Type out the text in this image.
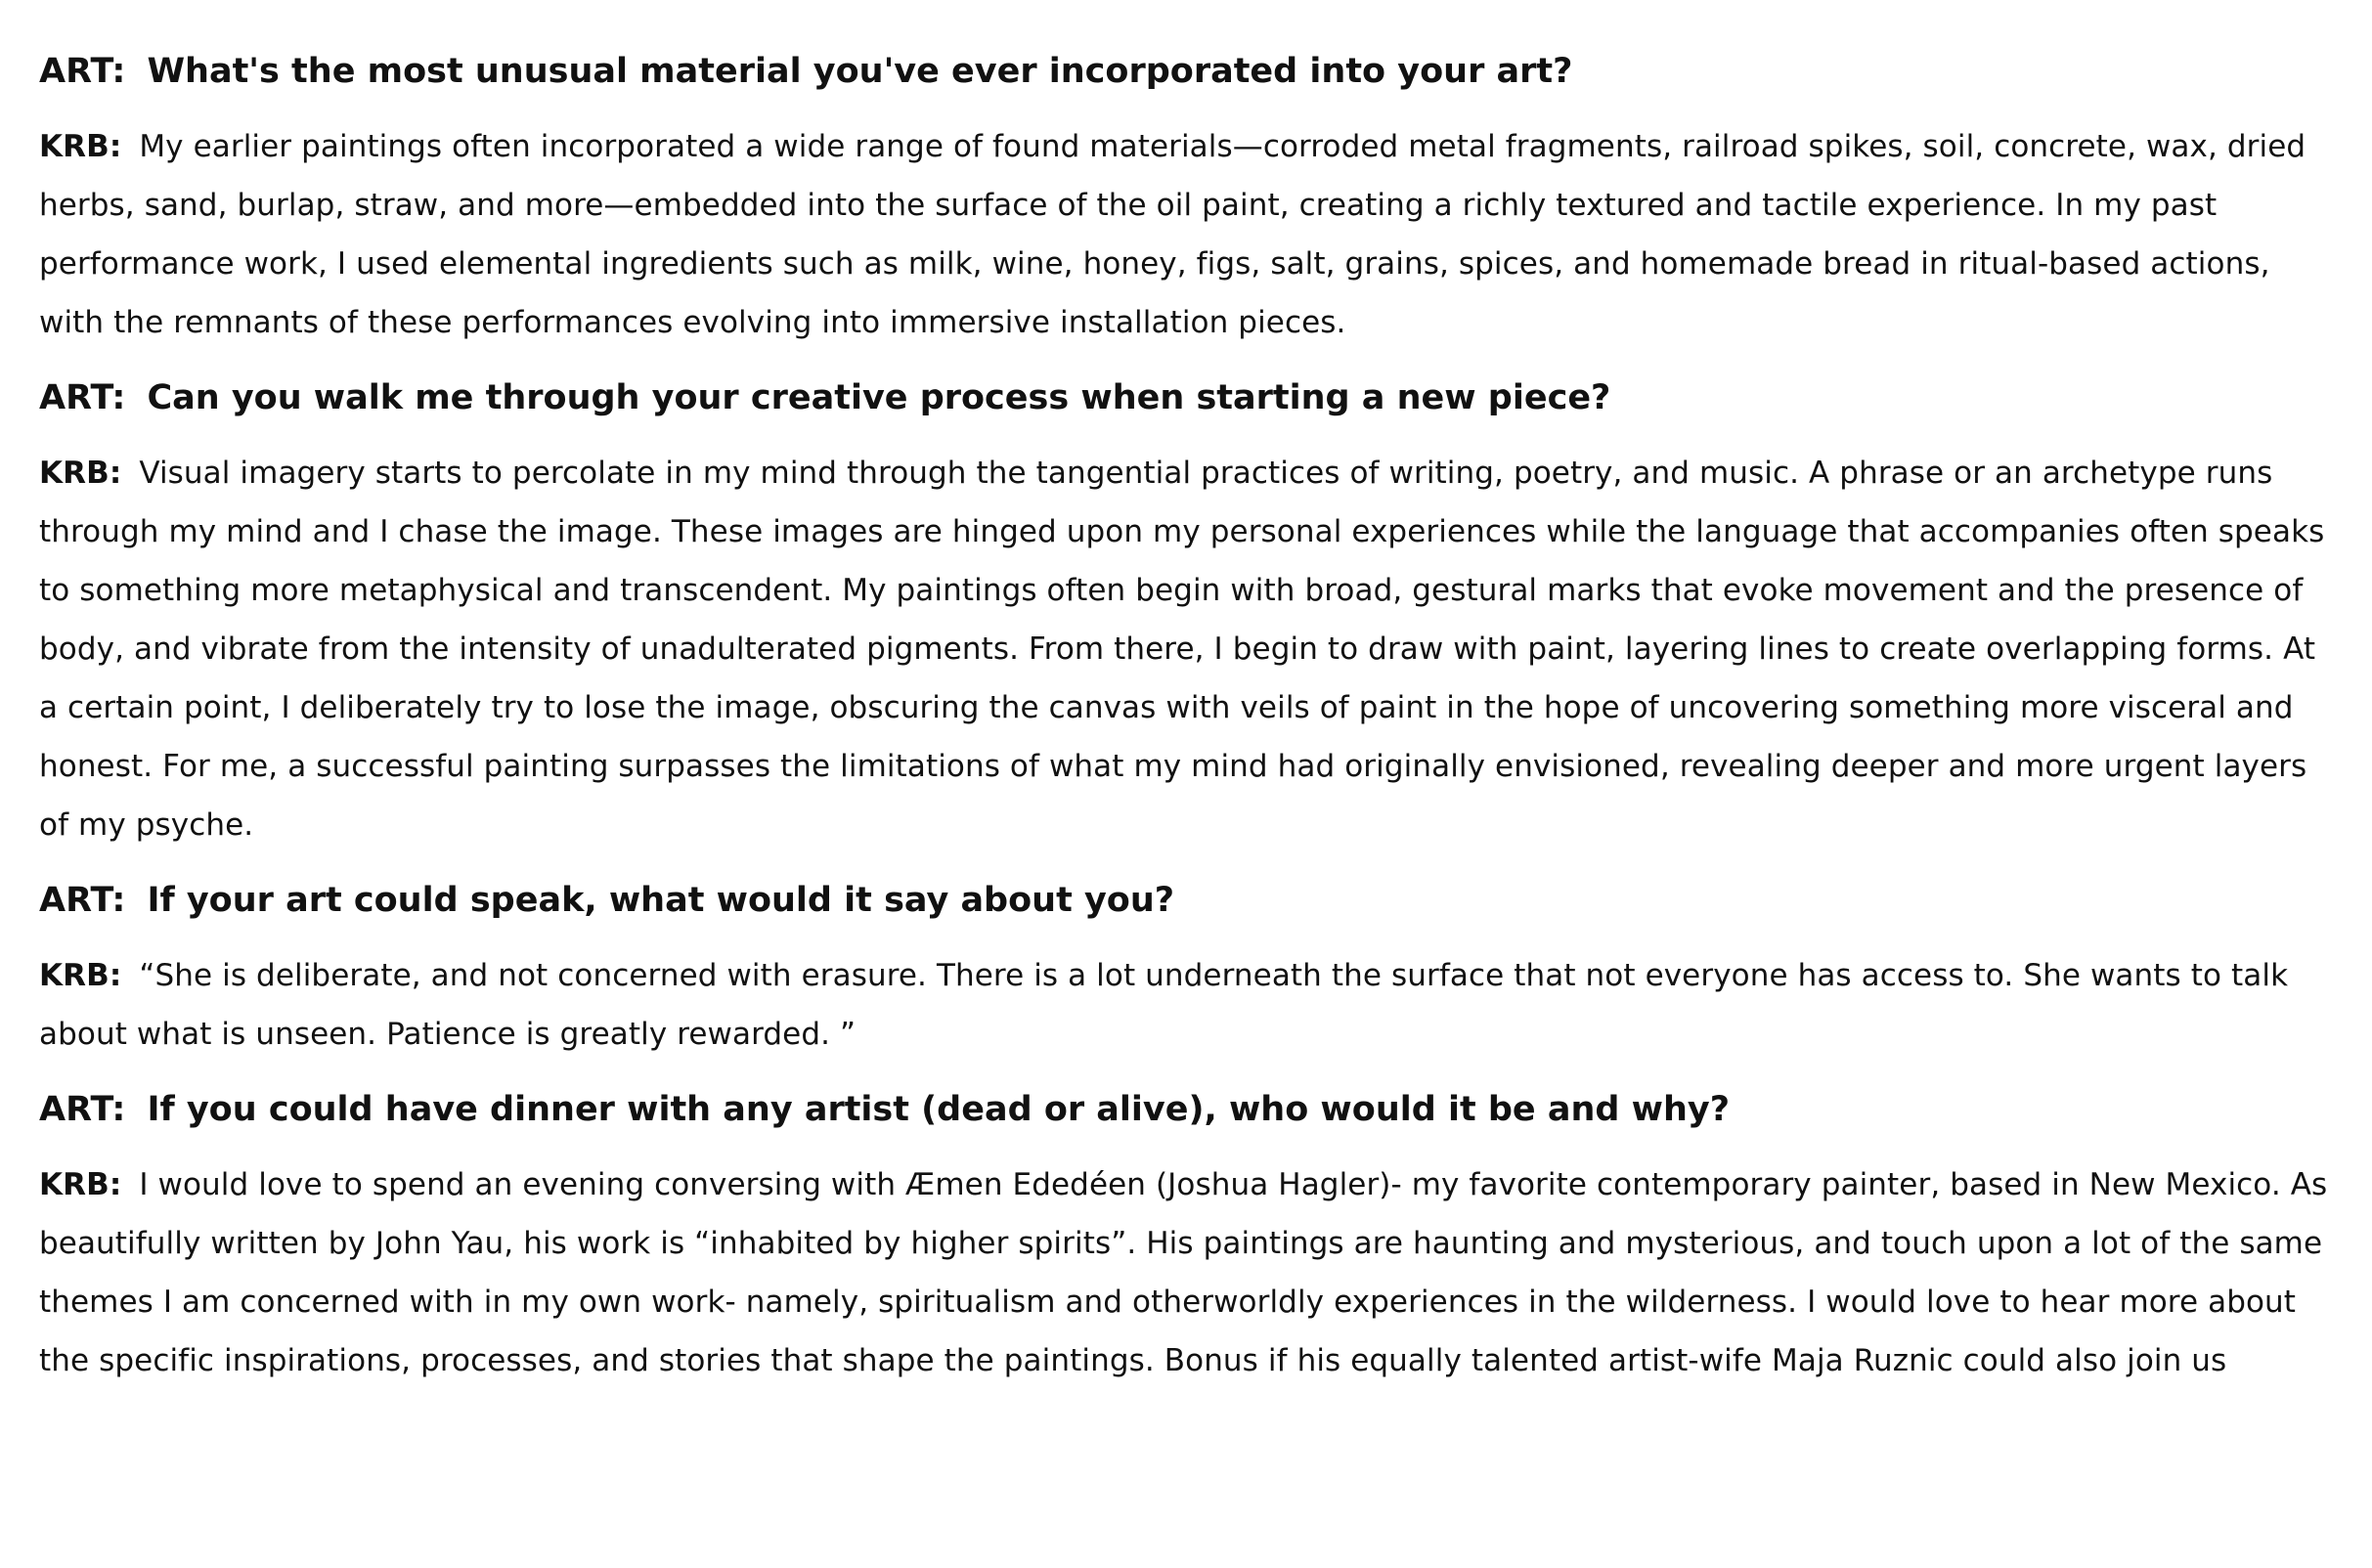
ART: What's the most unusual material you've ever incorporated into your art?

KRB: My earlier paintings often incorporated a wide range of found materials—corroded metal fragments, railroad spikes, soil, concrete, wax, dried herbs, sand, burlap, straw, and more—embedded into the surface of the oil paint, creating a richly textured and tactile experience. In my past performance work, I used elemental ingredients such as milk, wine, honey, figs, salt, grains, spices, and homemade bread in ritual-based actions, with the remnants of these performances evolving into immersive installation pieces.

ART: Can you walk me through your creative process when starting a new piece?

KRB: Visual imagery starts to percolate in my mind through the tangential practices of writing, poetry, and music. A phrase or an archetype runs through my mind and I chase the image. These images are hinged upon my personal experiences while the language that accompanies often speaks to something more metaphysical and transcendent. My paintings often begin with broad, gestural marks that evoke movement and the presence of body, and vibrate from the intensity of unadulterated pigments. From there, I begin to draw with paint, layering lines to create overlapping forms. At a certain point, I deliberately try to lose the image, obscuring the canvas with veils of paint in the hope of uncovering something more visceral and honest. For me, a successful painting surpasses the limitations of what my mind had originally envisioned, revealing deeper and more urgent layers of my psyche.

ART: If your art could speak, what would it say about you?

KRB: “She is deliberate, and not concerned with erasure. There is a lot underneath the surface that not everyone has access to. She wants to talk about what is unseen. Patience is greatly rewarded. ”

ART: If you could have dinner with any artist (dead or alive), who would it be and why?

KRB: I would love to spend an evening conversing with Æmen Ededéen (Joshua Hagler)- my favorite contemporary painter, based in New Mexico. As beautifully written by John Yau, his work is “inhabited by higher spirits”. His paintings are haunting and mysterious, and touch upon a lot of the same themes I am concerned with in my own work- namely, spiritualism and otherworldly experiences in the wilderness. I would love to hear more about the specific inspirations, processes, and stories that shape the paintings. Bonus if his equally talented artist-wife Maja Ruznic could also join us
